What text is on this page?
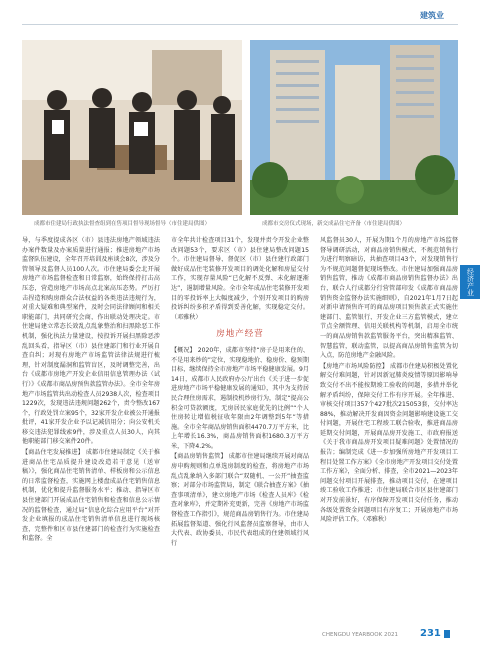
建筑业
成都市住建局行政执法督查组到在售项目督导现场督导（市住建局供图）	成都市交房仪式现场，新交成品住宅齐备（市住建局供图）

导，与季度提成各区（市）县违法房地产领域违法办案件数量及办案质量进行通报；推进房地产市场监督队伍建设，全年召开培训及座谈会8次，涉及分管领导及监督人员100人次。市住建局委会北开展房地产市场监督检查和日常监察，始终保持打击高压态，营造房地产市场高点北案高压态势。严厉打击捏造和购房群众合法权益的各类违法违规行为，对重大疑难和典型案件，及时会同法律顾问和相关职能部门，共同研究会商，作出联动处理决定。市住建局建立常态长效乱点乱象整治和扫黑除恶工作机制，强化执法力量建设，按投诉开展扫黑除恶涉乱回头看，指导区（市）县住建部门和行业开展自查自纠；对现有房地产市场监管法律法规进行梳理，针对制度漏洞和监管盲区，及时调整完善，出台《成都市房地产开发企业信用信息管理办法（试行）》《成都市商品房预售款监管办法》。全市全年房地产市场监管共出动检查人员2938人次，检查项目1229次，发现违法违规问题262个，责令整改167个，行政处罚立案95个，32家开发企业被公开通报批评，41家开发企业予以记减信用分；向公安机关移交违法犯罪线索9件，涉及重点人员30人，向其他职能部门移交案件20件。

【商品住宅发展推进】 成都市住建局制定《关于推进商品住宅品质提升建设改造若干意见（送审稿）》，强化商品住宅销售清单、样板房和公示信息的日常监督检查，实施网上楼盘成品住宅销售信息机制，优化和提升监督服务水平；推动、指导区市县住建部门开展成品住宅销售和检查和信息公示情况的监督检查，通过局“信息化综合应用平台”对开发企业填报的成品住宅销售清单信息进行现场核查，完整件和区市县住建部门的检查行为实施检查和监督。全

市全年共计检查项目31个，发现并责令开发企业整改问题53个，要求区（市）县住建局整改问题15个。市住建局督导、督促区（市）县住建行政部门做好成品住宅装修开发项目的调处化解和房屋交付工作，实现存量风险“已化解不反弹、未化解逐渐达”，遏制增量风险。全市全年成品住宅装修开发项目的零投诉率上大幅度减少，个别开发项目的购房投诉纠纷多积矛盾得到妥善化解，实现稳定交付。 （邓雅秋）

房地产经营

【概况】 2020年，成都市坚持“房子是用来住的、不是用来炒的”定位，实现稳地价、稳房价、稳预期目标，继续保持全市房地产市场平稳健康发展。9月14日，成都市人民政府办公厅出台《关于进一步促进房地产市场平稳健康发展的通知》，其中为支持居民合理住房需求，遏制投机炒房行为，制定“提高公积金可贷款额度，无房居民家庭优先的比例”“个人住房转让增值税征收年限由2年调整到5年”等措施。全市全年商品房销售面积4470.7万平方米，比上年增长16.3%，商品房销售面积1680.3万平方米，下降4.2%。

【商品房销售监管】 成都市住建局继续开展对商品房申购规则和点单选房制度的检查，将房地产市场乱点乱象纳入多部门联合“双随机、一公开”抽查监察；对部分市场监管局，制定《联合抽查方案》《抽查事项清单》，建立房地产市场《检查人员库》《检查对象库》，并定期补充更新，完善《房地产市场监督检查工作指引》，规范商品房销售行为。市住建局拓展监督渠道、强化行风监督员监察督导，由市人大代表、政协委员、市民代表组成的住建领域行风行

风监督员30人，开展为期1个月的房地产市场监督督导调研活动，对商品房销售模式、不规范销售行为进行明察暗访，共抽查项目43个，对发现销售行为不规范问题督促现场整改。市住建局加强商品房销售监管，推动《成都市商品房销售监督办法》出台，联合人行成都分行营管部印发《成都市商品房销售资金监督办法实施细则》，自2021年1月7日起对新申请预售许可的商品房项目预售款正式实施住建部门、监管银行、开发企业三方监管模式，建立节点全额管理、信用关联机构等机制，启用全市统一的商品房销售款监管服务平台，突出精准监管、智慧监管，联动监管，以提高商品房销售监管为切入点，防范房地产金融风险。

【房地产市场风险防控】 成都市住建局积极处置化解交付难问题，针对因新冠肺炎疫情等原因影响导致交付不出不能按期竣工验收的问题，多措并举化解矛盾纠纷，保障交付工作有序开展。全年推进、审核交付项目357个427批次215053套，交付率达88%，推动解决开发商因资金问题影响建设施工交付问题，开展住宅工程竣工联合验收，推进商品房延期交付问题，开展商品房开发施工、市政府报送《关于我市商品房开发项目疑难问题》处置情况的报告；编制完成《进一步加强所房地产开发项目工程目处置工作方案》《全市房地产开发项目交付处置工作方案》，全面分析、排查，全市2021—2023年问题交付项目开展排查，推动项目交付，在建项目竣工验收工作推进；市住建局联合市区县住建部门对开发前景好，有序保障开发项目交付任务，推动各级处置资金问题项目有序复工；开展房地产市场风险评估工作。（邓雅秋）

经济产业
CHENGDU YEARBOOK 2021 231
